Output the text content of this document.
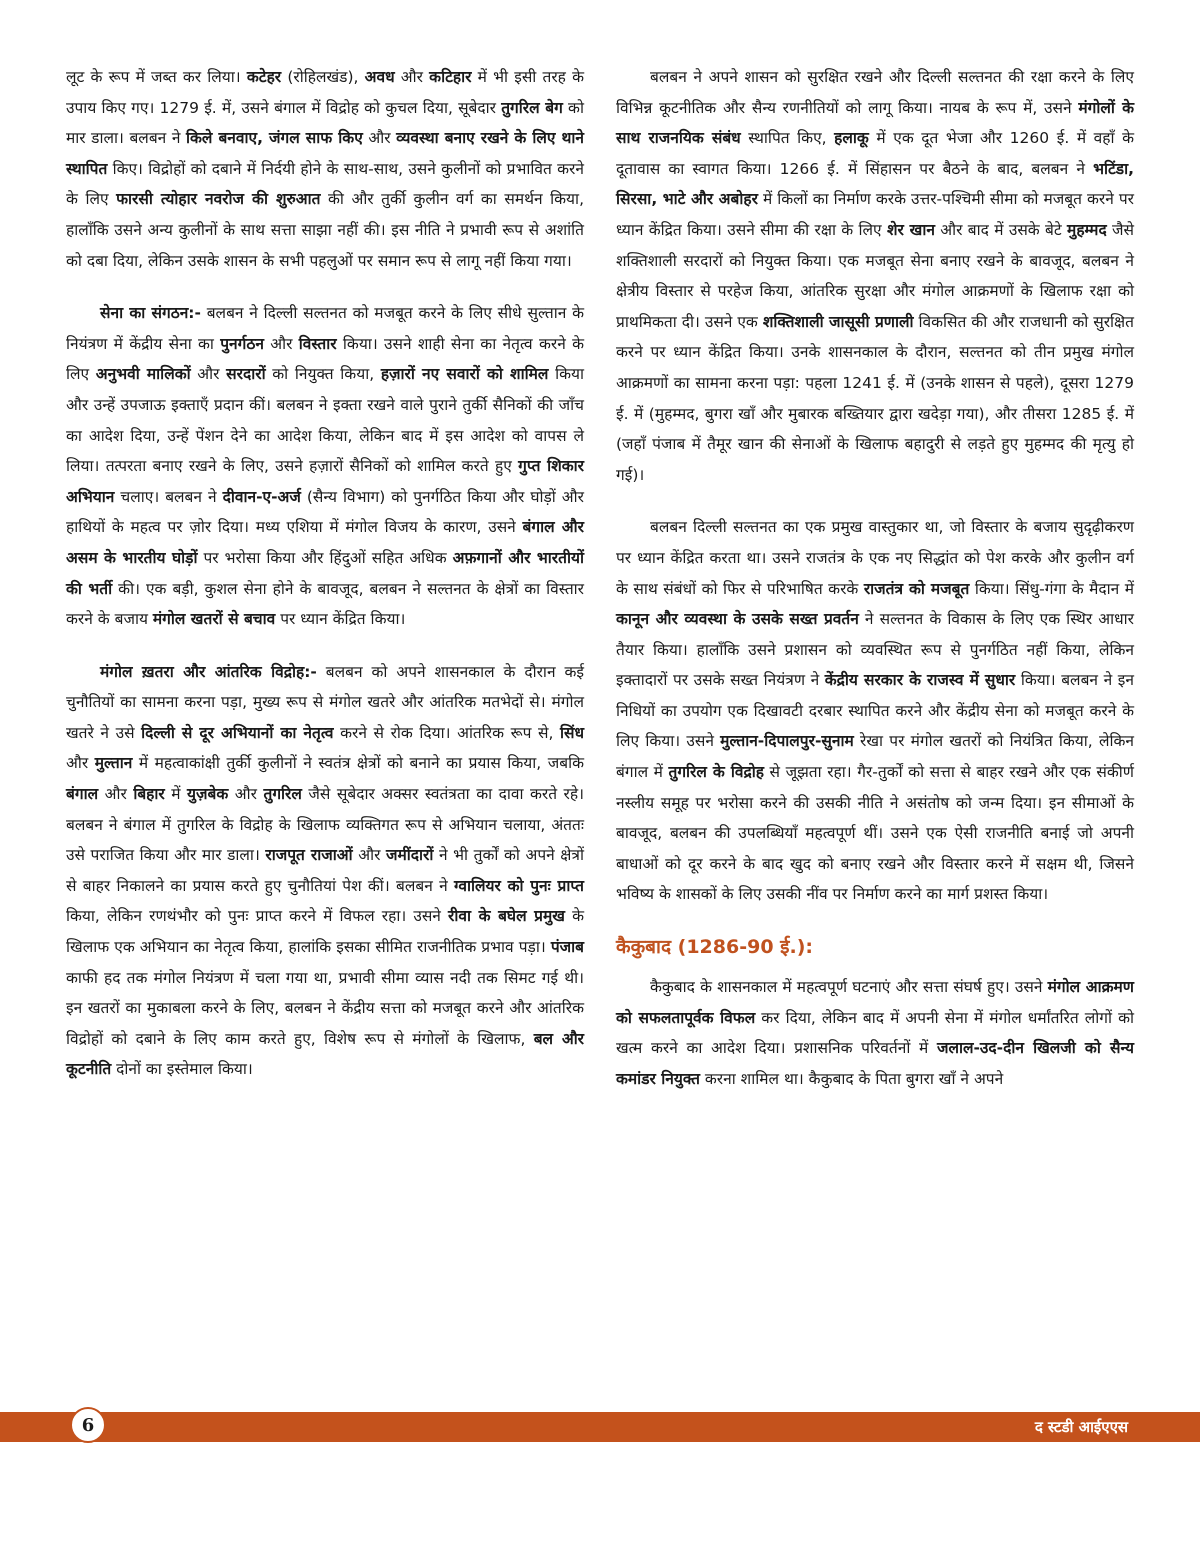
लूट के रूप में जब्त कर लिया। कटेहर (रोहिलखंड), अवध और कटिहार में भी इसी तरह के उपाय किए गए। 1279 ई. में, उसने बंगाल में विद्रोह को कुचल दिया, सूबेदार तुगरिल बेग को मार डाला। बलबन ने किले बनवाए, जंगल साफ किए और व्यवस्था बनाए रखने के लिए थाने स्थापित किए। विद्रोहों को दबाने में निर्दयी होने के साथ-साथ, उसने कुलीनों को प्रभावित करने के लिए फारसी त्योहार नवरोज की शुरुआत की और तुर्की कुलीन वर्ग का समर्थन किया, हालाँकि उसने अन्य कुलीनों के साथ सत्ता साझा नहीं की। इस नीति ने प्रभावी रूप से अशांति को दबा दिया, लेकिन उसके शासन के सभी पहलुओं पर समान रूप से लागू नहीं किया गया।

सेना का संगठन:- बलबन ने दिल्ली सल्तनत को मजबूत करने के लिए सीधे सुल्तान के नियंत्रण में केंद्रीय सेना का पुनर्गठन और विस्तार किया। उसने शाही सेना का नेतृत्व करने के लिए अनुभवी मालिकों और सरदारों को नियुक्त किया, हज़ारों नए सवारों को शामिल किया और उन्हें उपजाऊ इक्ताएँ प्रदान कीं। बलबन ने इक्ता रखने वाले पुराने तुर्की सैनिकों की जाँच का आदेश दिया, उन्हें पेंशन देने का आदेश किया, लेकिन बाद में इस आदेश को वापस ले लिया। तत्परता बनाए रखने के लिए, उसने हज़ारों सैनिकों को शामिल करते हुए गुप्त शिकार अभियान चलाए। बलबन ने दीवान-ए-अर्ज (सैन्य विभाग) को पुनर्गठित किया और घोड़ों और हाथियों के महत्व पर ज़ोर दिया। मध्य एशिया में मंगोल विजय के कारण, उसने बंगाल और असम के भारतीय घोड़ों पर भरोसा किया और हिंदुओं सहित अधिक अफ़गानों और भारतीयों की भर्ती की। एक बड़ी, कुशल सेना होने के बावजूद, बलबन ने सल्तनत के क्षेत्रों का विस्तार करने के बजाय मंगोल खतरों से बचाव पर ध्यान केंद्रित किया।

मंगोल ख़तरा और आंतरिक विद्रोह:- बलबन को अपने शासनकाल के दौरान कई चुनौतियों का सामना करना पड़ा, मुख्य रूप से मंगोल खतरे और आंतरिक मतभेदों से। मंगोल खतरे ने उसे दिल्ली से दूर अभियानों का नेतृत्व करने से रोक दिया। आंतरिक रूप से, सिंध और मुल्तान में महत्वाकांक्षी तुर्की कुलीनों ने स्वतंत्र क्षेत्रों को बनाने का प्रयास किया, जबकि बंगाल और बिहार में युज़बेक और तुगरिल जैसे सूबेदार अक्सर स्वतंत्रता का दावा करते रहे। बलबन ने बंगाल में तुगरिल के विद्रोह के खिलाफ व्यक्तिगत रूप से अभियान चलाया, अंततः उसे पराजित किया और मार डाला। राजपूत राजाओं और जमींदारों ने भी तुर्कों को अपने क्षेत्रों से बाहर निकालने का प्रयास करते हुए चुनौतियां पेश कीं। बलबन ने ग्वालियर को पुनः प्राप्त किया, लेकिन रणथंभौर को पुनः प्राप्त करने में विफल रहा। उसने रीवा के बघेल प्रमुख के खिलाफ एक अभियान का नेतृत्व किया, हालांकि इसका सीमित राजनीतिक प्रभाव पड़ा। पंजाब काफी हद तक मंगोल नियंत्रण में चला गया था, प्रभावी सीमा व्यास नदी तक सिमट गई थी। इन खतरों का मुकाबला करने के लिए, बलबन ने केंद्रीय सत्ता को मजबूत करने और आंतरिक विद्रोहों को दबाने के लिए काम करते हुए, विशेष रूप से मंगोलों के खिलाफ, बल और कूटनीति दोनों का इस्तेमाल किया।

बलबन ने अपने शासन को सुरक्षित रखने और दिल्ली सल्तनत की रक्षा करने के लिए विभिन्न कूटनीतिक और सैन्य रणनीतियों को लागू किया। नायब के रूप में, उसने मंगोलों के साथ राजनयिक संबंध स्थापित किए, हलाकू में एक दूत भेजा और 1260 ई. में वहाँ के दूतावास का स्वागत किया। 1266 ई. में सिंहासन पर बैठने के बाद, बलबन ने भटिंडा, सिरसा, भाटे और अबोहर में किलों का निर्माण करके उत्तर-पश्चिमी सीमा को मजबूत करने पर ध्यान केंद्रित किया। उसने सीमा की रक्षा के लिए शेर खान और बाद में उसके बेटे मुहम्मद जैसे शक्तिशाली सरदारों को नियुक्त किया। एक मजबूत सेना बनाए रखने के बावजूद, बलबन ने क्षेत्रीय विस्तार से परहेज किया, आंतरिक सुरक्षा और मंगोल आक्रमणों के खिलाफ रक्षा को प्राथमिकता दी। उसने एक शक्तिशाली जासूसी प्रणाली विकसित की और राजधानी को सुरक्षित करने पर ध्यान केंद्रित किया। उनके शासनकाल के दौरान, सल्तनत को तीन प्रमुख मंगोल आक्रमणों का सामना करना पड़ा: पहला 1241 ई. में (उनके शासन से पहले), दूसरा 1279 ई. में (मुहम्मद, बुगरा खाँ और मुबारक बख्तियार द्वारा खदेड़ा गया), और तीसरा 1285 ई. में (जहाँ पंजाब में तैमूर खान की सेनाओं के खिलाफ बहादुरी से लड़ते हुए मुहम्मद की मृत्यु हो गई)।

बलबन दिल्ली सल्तनत का एक प्रमुख वास्तुकार था, जो विस्तार के बजाय सुदृढ़ीकरण पर ध्यान केंद्रित करता था। उसने राजतंत्र के एक नए सिद्धांत को पेश करके और कुलीन वर्ग के साथ संबंधों को फिर से परिभाषित करके राजतंत्र को मजबूत किया। सिंधु-गंगा के मैदान में कानून और व्यवस्था के उसके सख्त प्रवर्तन ने सल्तनत के विकास के लिए एक स्थिर आधार तैयार किया। हालाँकि उसने प्रशासन को व्यवस्थित रूप से पुनर्गठित नहीं किया, लेकिन इक्तादारों पर उसके सख्त नियंत्रण ने केंद्रीय सरकार के राजस्व में सुधार किया। बलबन ने इन निधियों का उपयोग एक दिखावटी दरबार स्थापित करने और केंद्रीय सेना को मजबूत करने के लिए किया। उसने मुल्तान-दिपालपुर-सुनाम रेखा पर मंगोल खतरों को नियंत्रित किया, लेकिन बंगाल में तुगरिल के विद्रोह से जूझता रहा। गैर-तुर्कों को सत्ता से बाहर रखने और एक संकीर्ण नस्लीय समूह पर भरोसा करने की उसकी नीति ने असंतोष को जन्म दिया। इन सीमाओं के बावजूद, बलबन की उपलब्धियाँ महत्वपूर्ण थीं। उसने एक ऐसी राजनीति बनाई जो अपनी बाधाओं को दूर करने के बाद खुद को बनाए रखने और विस्तार करने में सक्षम थी, जिसने भविष्य के शासकों के लिए उसकी नींव पर निर्माण करने का मार्ग प्रशस्त किया।

कैकुबाद (1286-90 ई.):

कैकुबाद के शासनकाल में महत्वपूर्ण घटनाएं और सत्ता संघर्ष हुए। उसने मंगोल आक्रमण को सफलतापूर्वक विफल कर दिया, लेकिन बाद में अपनी सेना में मंगोल धर्मांतरित लोगों को खत्म करने का आदेश दिया। प्रशासनिक परिवर्तनों में जलाल-उद-दीन खिलजी को सैन्य कमांडर नियुक्त करना शामिल था। कैकुबाद के पिता बुगरा खाँ ने अपने

6	द स्टडी आईएएस
